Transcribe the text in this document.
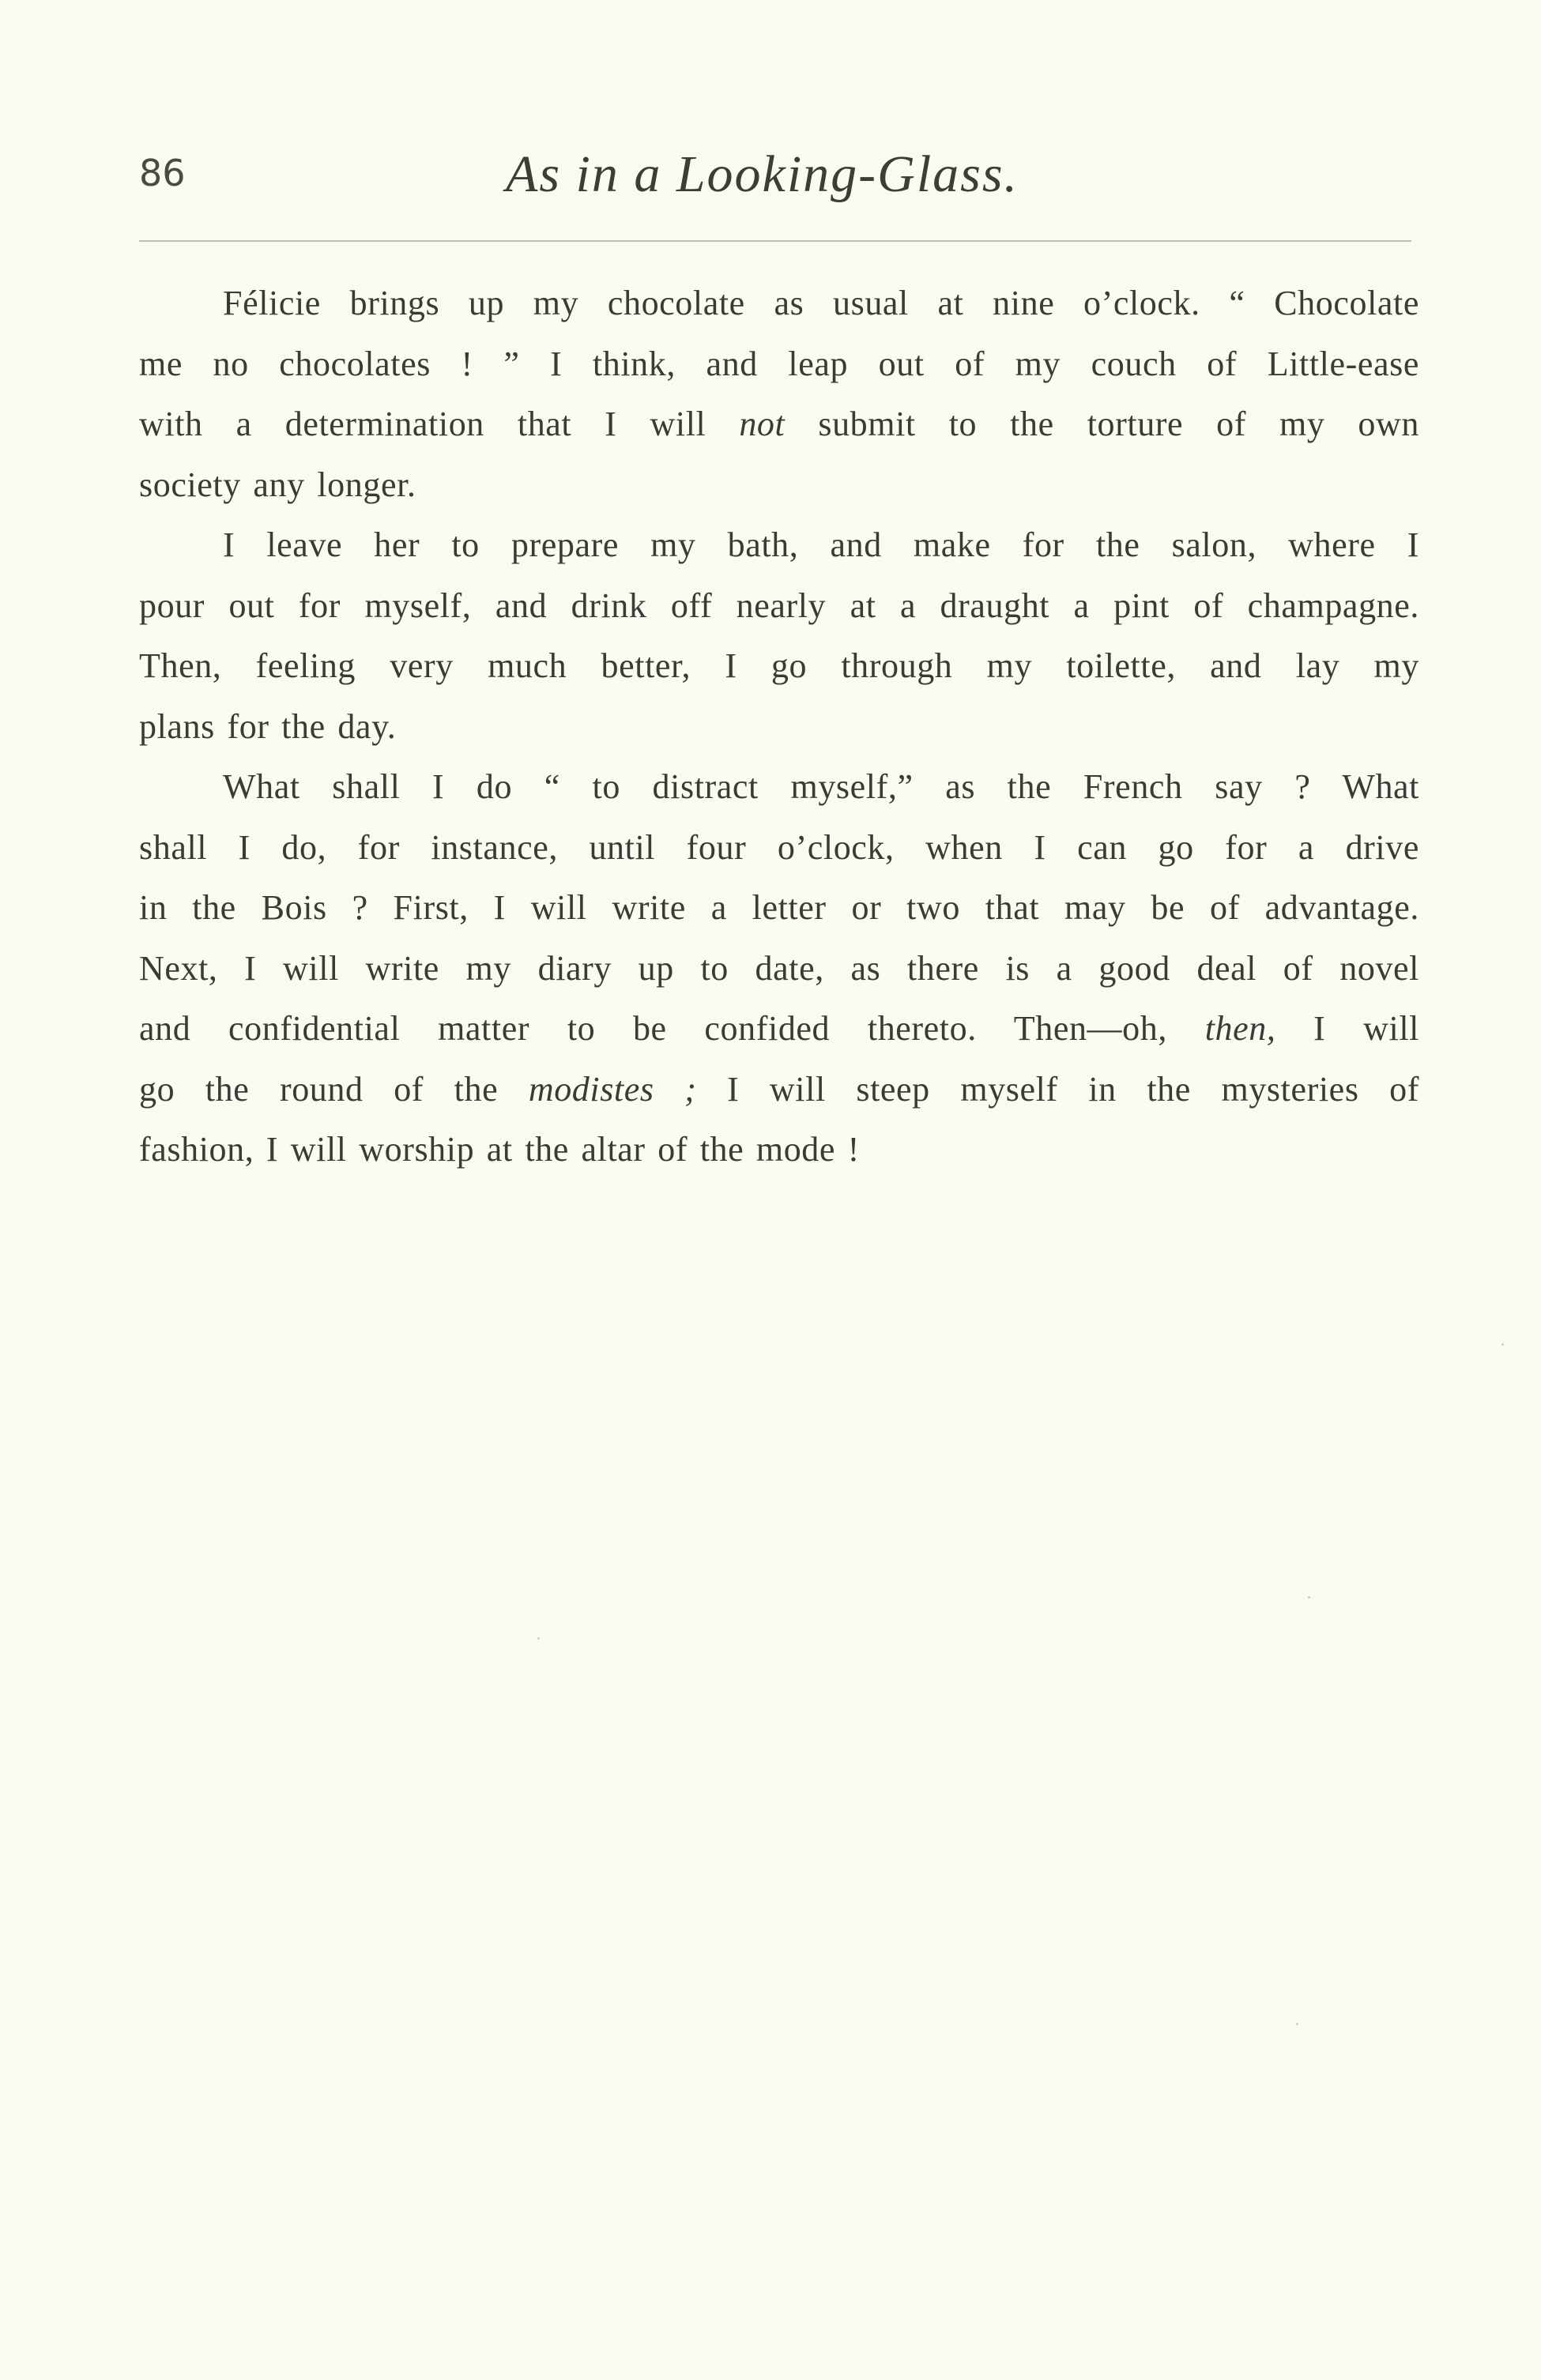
86	As in a Looking-Glass.

Félicie brings up my chocolate as usual at nine o’clock. “ Chocolate
me no chocolates ! ” I think, and leap out of my couch of Little-ease
with a determination that I will not submit to the torture of my own
society any longer.

I leave her to prepare my bath, and make for the salon, where I
pour out for myself, and drink off nearly at a draught a pint of champagne.
Then, feeling very much better, I go through my toilette, and lay my
plans for the day.

What shall I do “ to distract myself,” as the French say ? What
shall I do, for instance, until four o’clock, when I can go for a drive
in the Bois ? First, I will write a letter or two that may be of advantage.
Next, I will write my diary up to date, as there is a good deal of novel
and confidential matter to be confided thereto. Then—oh, then, I will
go the round of the modistes ; I will steep myself in the mysteries of
fashion, I will worship at the altar of the mode !
